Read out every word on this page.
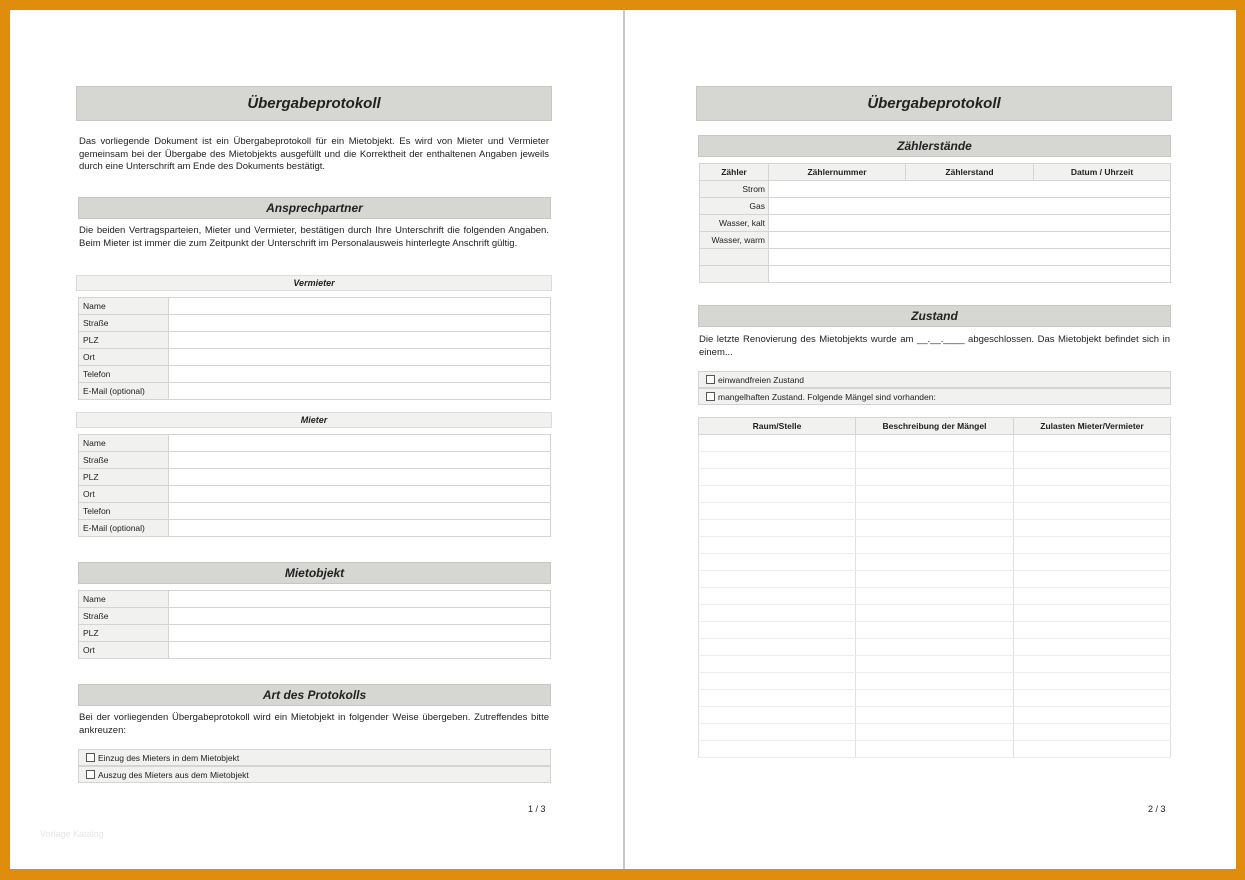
Übergabeprotokoll
Das vorliegende Dokument ist ein Übergabeprotokoll für ein Mietobjekt. Es wird von Mieter und Vermieter gemeinsam bei der Übergabe des Mietobjekts ausgefüllt und die Korrektheit der enthaltenen Angaben jeweils durch eine Unterschrift am Ende des Dokuments bestätigt.
Ansprechpartner
Die beiden Vertragsparteien, Mieter und Vermieter, bestätigen durch Ihre Unterschrift die folgenden Angaben. Beim Mieter ist immer die zum Zeitpunkt der Unterschrift im Personalausweis hinterlegte Anschrift gültig.
Vermieter
Name	
Straße	
PLZ	
Ort	
Telefon	
E-Mail (optional)	
Mieter
Name	
Straße	
PLZ	
Ort	
Telefon	
E-Mail (optional)	
Mietobjekt
Name	
Straße	
PLZ	
Ort	
Art des Protokolls
Bei der vorliegenden Übergabeprotokoll wird ein Mietobjekt in folgender Weise übergeben. Zutreffendes bitte ankreuzen:
Einzug des Mieters in dem Mietobjekt
Auszug des Mieters aus dem Mietobjekt
1 / 3
Vorlage Katalog
Übergabeprotokoll
Zählerstände
Zähler	Zählernummer	Zählerstand	Datum / Uhrzeit
Strom			
Gas			
Wasser, kalt			
Wasser, warm			

Zustand
Die letzte Renovierung des Mietobjekts wurde am __.__.____ abgeschlossen. Das Mietobjekt befindet sich in einem...
einwandfreien Zustand
mangelhaften Zustand. Folgende Mängel sind vorhanden:
Raum/Stelle	Beschreibung der Mängel	Zulasten Mieter/Vermieter

2 / 3
